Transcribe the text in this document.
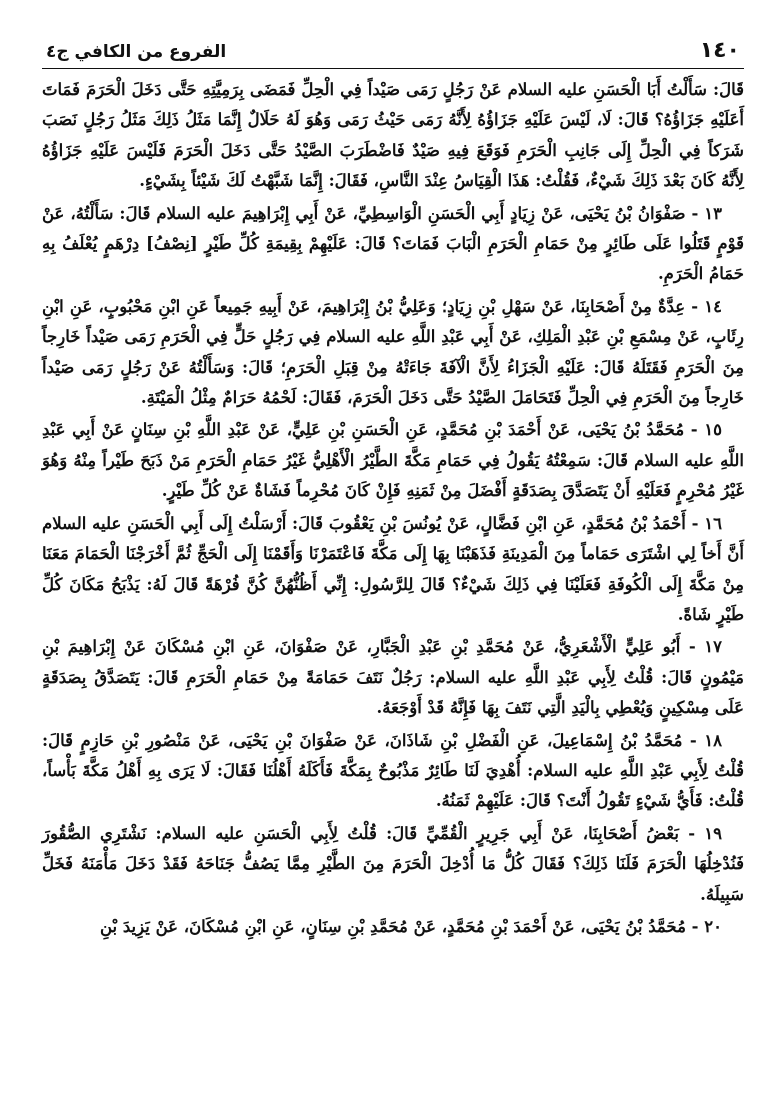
١٤٠
الفروع من الكافي ج٤

قَالَ: سَأَلْتُ أَبَا الْحَسَنِ عليه السلام عَنْ رَجُلٍ رَمَى صَيْداً فِي الْحِلِّ فَمَضَى بِرَمِيَّتِهِ حَتَّى دَخَلَ الْحَرَمَ فَمَاتَ أَعَلَيْهِ جَزَاؤُهُ؟ قَالَ: لَا، لَيْسَ عَلَيْهِ جَزَاؤُهُ لِأَنَّهُ رَمَى حَيْثُ رَمَى وَهُوَ لَهُ حَلَالٌ إِنَّمَا مَثَلُ ذَلِكَ مَثَلُ رَجُلٍ نَصَبَ شَرَكاً فِي الْحِلِّ إِلَى جَانِبِ الْحَرَمِ فَوَقَعَ فِيهِ صَيْدٌ فَاضْطَرَبَ الصَّيْدُ حَتَّى دَخَلَ الْحَرَمَ فَلَيْسَ عَلَيْهِ جَزَاؤُهُ لِأَنَّهُ كَانَ بَعْدَ ذَلِكَ شَيْءٌ، فَقُلْتُ: هَذَا الْقِيَاسُ عِنْدَ النَّاسِ، فَقَالَ: إِنَّمَا شَبَّهْتُ لَكَ شَيْئاً بِشَيْءٍ.

١٣ - صَفْوَانُ بْنُ يَحْيَى، عَنْ زِيَادٍ أَبِي الْحَسَنِ الْوَاسِطِيِّ، عَنْ أَبِي إِبْرَاهِيمَ عليه السلام قَالَ: سَأَلْتُهُ، عَنْ قَوْمٍ قَتَلُوا عَلَى طَائِرٍ مِنْ حَمَامِ الْحَرَمِ الْبَابَ فَمَاتَ؟ قَالَ: عَلَيْهِمْ بِقِيمَةِ كُلِّ طَيْرٍ [نِصْفُ] دِرْهَمٍ يُعْلَفُ بِهِ حَمَامُ الْحَرَمِ.

١٤ - عِدَّةٌ مِنْ أَصْحَابِنَا، عَنْ سَهْلِ بْنِ زِيَادٍ؛ وَعَلِيُّ بْنُ إِبْرَاهِيمَ، عَنْ أَبِيهِ جَمِيعاً عَنِ ابْنِ مَحْبُوبٍ، عَنِ ابْنِ رِئَابٍ، عَنْ مِسْمَعِ بْنِ عَبْدِ الْمَلِكِ، عَنْ أَبِي عَبْدِ اللَّهِ عليه السلام فِي رَجُلٍ حَلٍّ فِي الْحَرَمِ رَمَى صَيْداً خَارِجاً مِنَ الْحَرَمِ فَقَتَلَهُ قَالَ: عَلَيْهِ الْجَزَاءُ لِأَنَّ الْآفَةَ جَاءَتْهُ مِنْ قِبَلِ الْحَرَمِ؛ قَالَ: وَسَأَلْتُهُ عَنْ رَجُلٍ رَمَى صَيْداً خَارِجاً مِنَ الْحَرَمِ فِي الْحِلِّ فَتَحَامَلَ الصَّيْدُ حَتَّى دَخَلَ الْحَرَمَ، فَقَالَ: لَحْمُهُ حَرَامٌ مِثْلُ الْمَيْتَةِ.

١٥ - مُحَمَّدُ بْنُ يَحْيَى، عَنْ أَحْمَدَ بْنِ مُحَمَّدٍ، عَنِ الْحَسَنِ بْنِ عَلِيٍّ، عَنْ عَبْدِ اللَّهِ بْنِ سِنَانٍ عَنْ أَبِي عَبْدِ اللَّهِ عليه السلام قَالَ: سَمِعْتُهُ يَقُولُ فِي حَمَامِ مَكَّةَ الطَّيْرُ الْأَهْلِيُّ غَيْرُ حَمَامِ الْحَرَمِ مَنْ ذَبَحَ طَيْراً مِنْهُ وَهُوَ غَيْرُ مُحْرِمٍ فَعَلَيْهِ أَنْ يَتَصَدَّقَ بِصَدَقَةٍ أَفْضَلَ مِنْ ثَمَنِهِ فَإِنْ كَانَ مُحْرِماً فَشَاةٌ عَنْ كُلِّ طَيْرٍ.

١٦ - أَحْمَدُ بْنُ مُحَمَّدٍ، عَنِ ابْنِ فَضَّالٍ، عَنْ يُونُسَ بْنِ يَعْقُوبَ قَالَ: أَرْسَلْتُ إِلَى أَبِي الْحَسَنِ عليه السلام أَنَّ أَخاً لِي اشْتَرَى حَمَاماً مِنَ الْمَدِينَةِ فَذَهَبْنَا بِهَا إِلَى مَكَّةَ فَاعْتَمَرْنَا وَأَقَمْنَا إِلَى الْحَجِّ ثُمَّ أَخْرَجْنَا الْحَمَامَ مَعَنَا مِنْ مَكَّةَ إِلَى الْكُوفَةِ فَعَلَيْنَا فِي ذَلِكَ شَيْءٌ؟ قَالَ لِلرَّسُولِ: إِنِّي أَظُنُّهُنَّ كُنَّ فُرْهَةً قَالَ لَهُ: يَذْبَحُ مَكَانَ كُلِّ طَيْرٍ شَاةً.

١٧ - أَبُو عَلِيٍّ الْأَشْعَرِيُّ، عَنْ مُحَمَّدِ بْنِ عَبْدِ الْجَبَّارِ، عَنْ صَفْوَانَ، عَنِ ابْنِ مُسْكَانَ عَنْ إِبْرَاهِيمَ بْنِ مَيْمُونٍ قَالَ: قُلْتُ لِأَبِي عَبْدِ اللَّهِ عليه السلام: رَجُلٌ نَتَفَ حَمَامَةً مِنْ حَمَامِ الْحَرَمِ قَالَ: يَتَصَدَّقُ بِصَدَقَةٍ عَلَى مِسْكِينٍ وَيُعْطِي بِالْيَدِ الَّتِي نَتَفَ بِهَا فَإِنَّهُ قَدْ أَوْجَعَهُ.

١٨ - مُحَمَّدُ بْنُ إِسْمَاعِيلَ، عَنِ الْفَضْلِ بْنِ شَاذَانَ، عَنْ صَفْوَانَ بْنِ يَحْيَى، عَنْ مَنْصُورِ بْنِ حَازِمٍ قَالَ: قُلْتُ لِأَبِي عَبْدِ اللَّهِ عليه السلام: أُهْدِيَ لَنَا طَائِرٌ مَذْبُوحٌ بِمَكَّةَ فَأَكَلَهُ أَهْلُنَا فَقَالَ: لَا يَرَى بِهِ أَهْلُ مَكَّةَ بَأْساً، قُلْتُ: فَأَيُّ شَيْءٍ تَقُولُ أَنْتَ؟ قَالَ: عَلَيْهِمْ ثَمَنُهُ.

١٩ - بَعْضُ أَصْحَابِنَا، عَنْ أَبِي جَرِيرٍ الْقُمِّيِّ قَالَ: قُلْتُ لِأَبِي الْحَسَنِ عليه السلام: نَشْتَرِي الصُّقُورَ فَنُدْخِلُهَا الْحَرَمَ فَلَنَا ذَلِكَ؟ فَقَالَ كُلُّ مَا أُدْخِلَ الْحَرَمَ مِنَ الطَّيْرِ مِمَّا يَصُفُّ جَنَاحَهُ فَقَدْ دَخَلَ مَأْمَنَهُ فَخَلِّ سَبِيلَهُ.

٢٠ - مُحَمَّدُ بْنُ يَحْيَى، عَنْ أَحْمَدَ بْنِ مُحَمَّدٍ، عَنْ مُحَمَّدِ بْنِ سِنَانٍ، عَنِ ابْنِ مُسْكَانَ، عَنْ يَزِيدَ بْنِ
